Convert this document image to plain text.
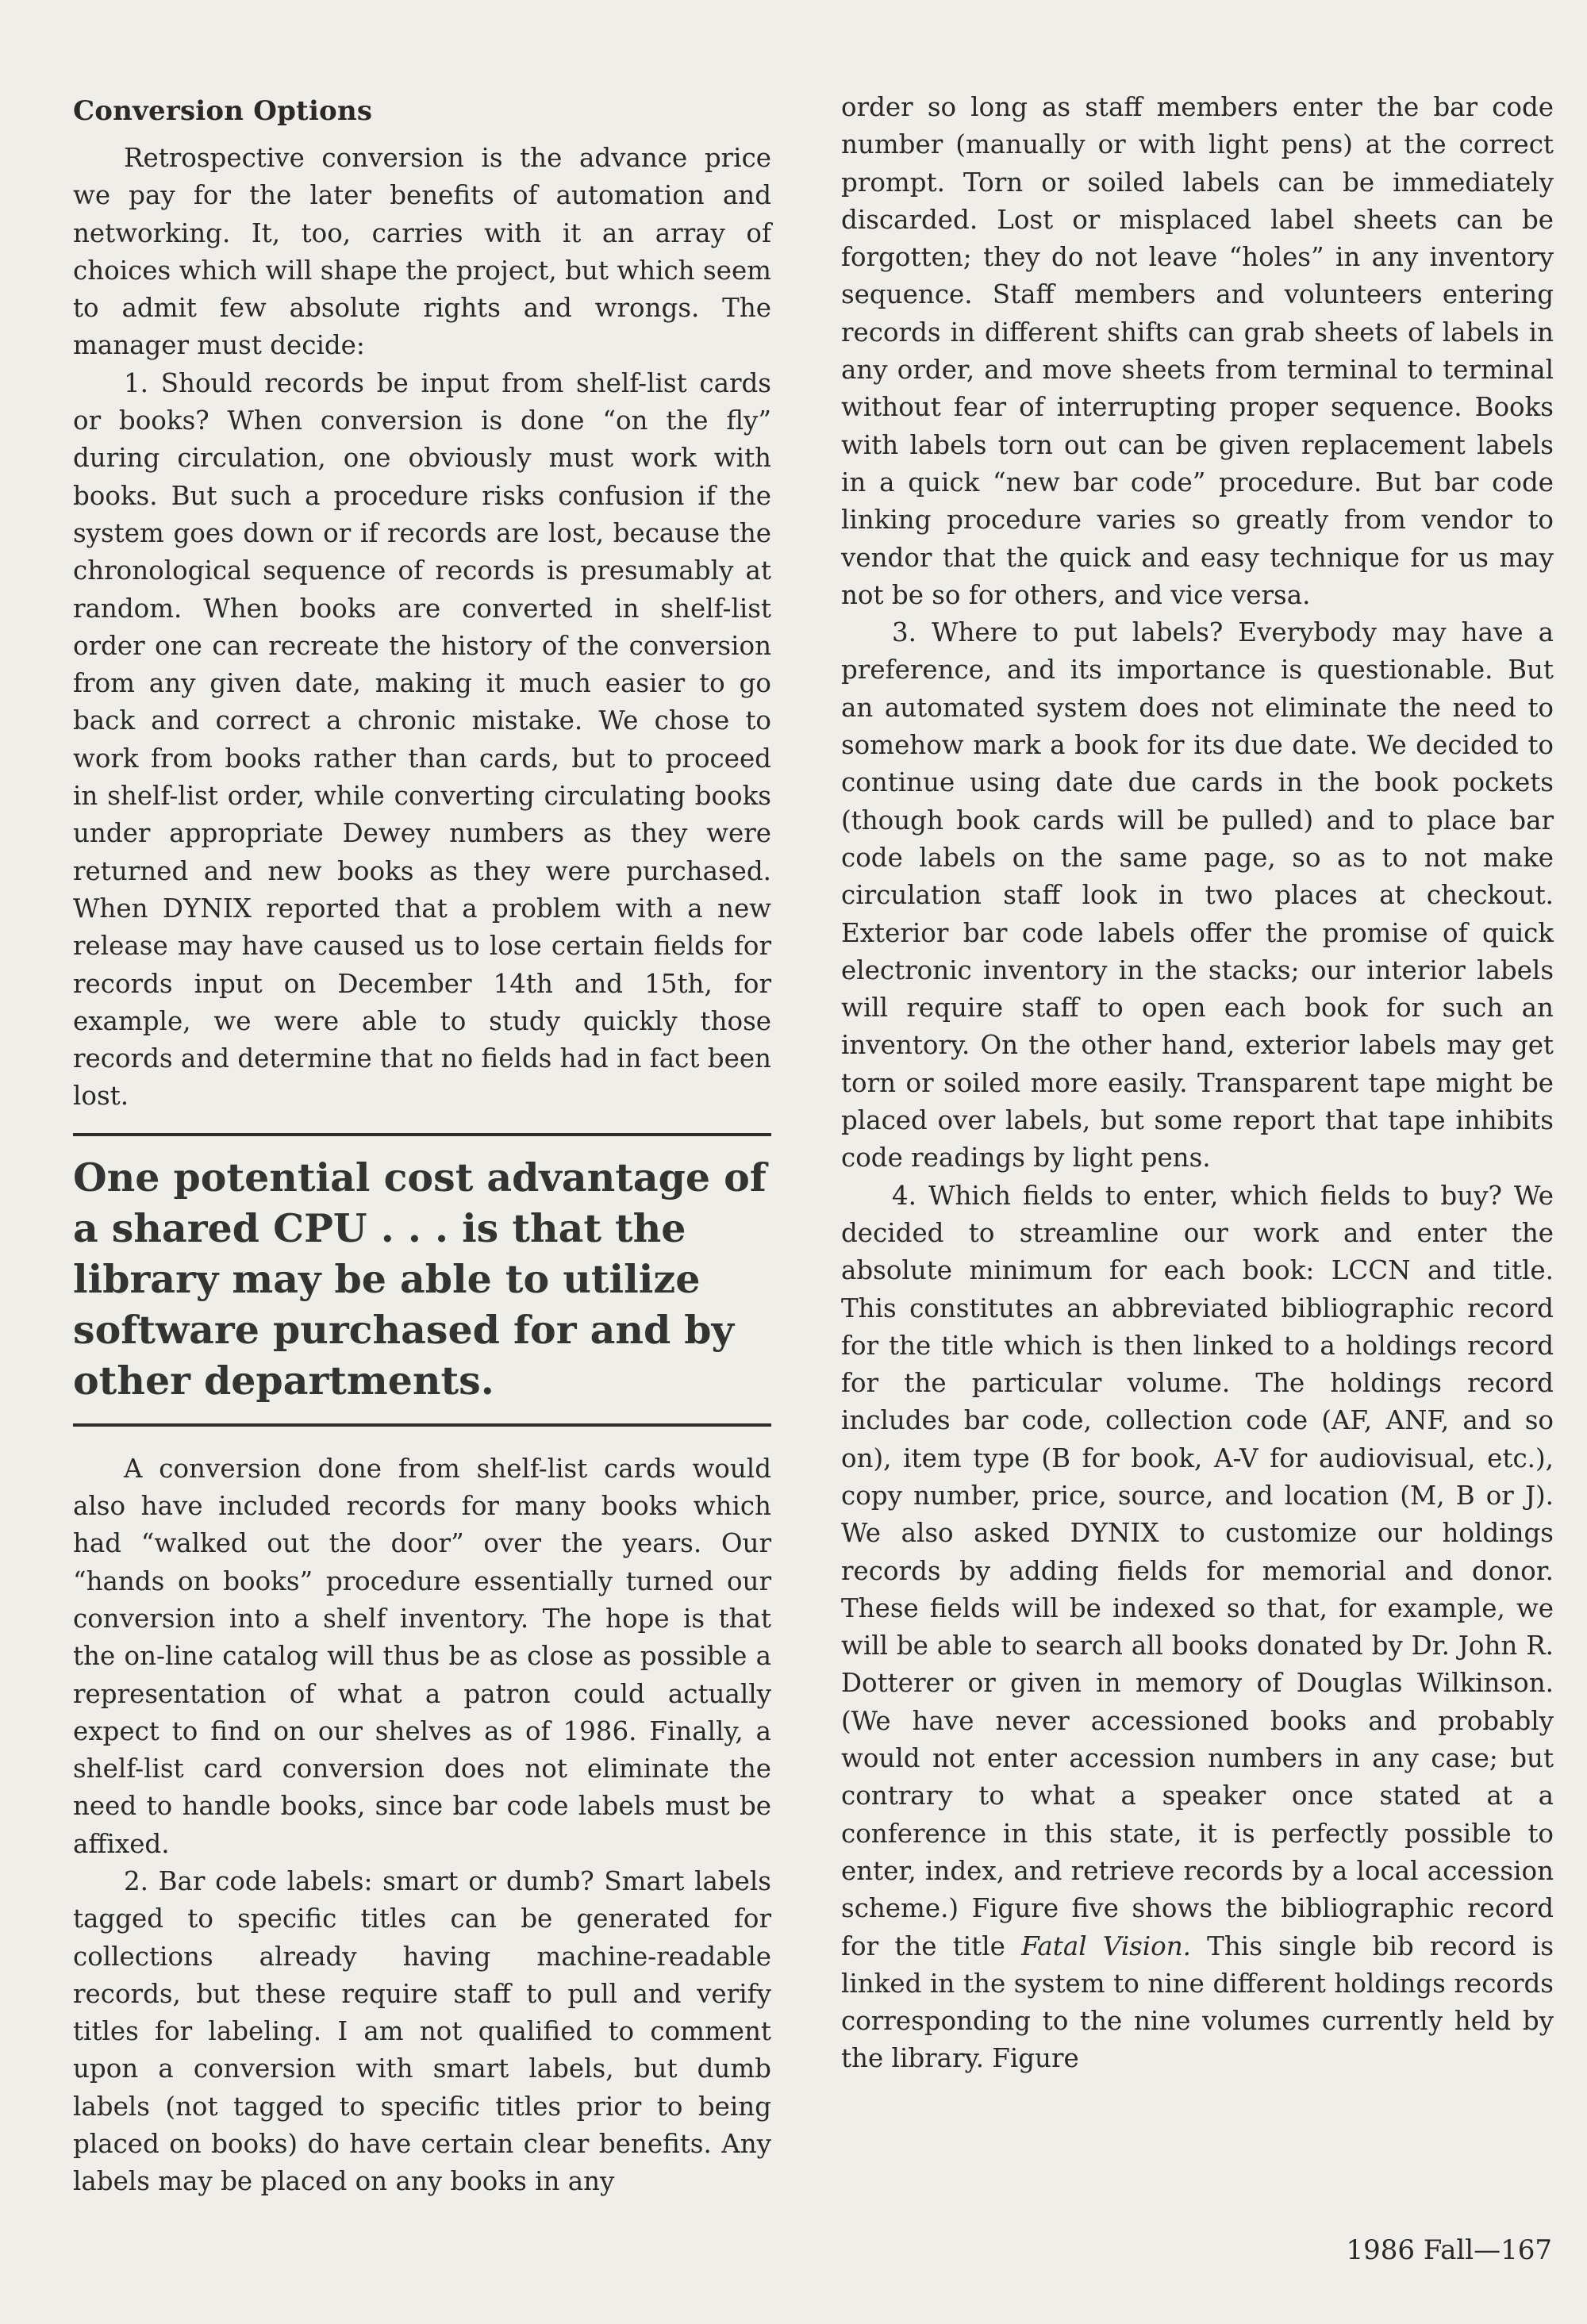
Conversion Options

Retrospective conversion is the advance price we pay for the later benefits of automation and networking. It, too, carries with it an array of choices which will shape the project, but which seem to admit few absolute rights and wrongs. The manager must decide:

1. Should records be input from shelf-list cards or books? When conversion is done “on the fly” during circulation, one obviously must work with books. But such a procedure risks confusion if the system goes down or if records are lost, because the chronological sequence of records is presumably at random. When books are converted in shelf-list order one can recreate the history of the conversion from any given date, making it much easier to go back and correct a chronic mistake. We chose to work from books rather than cards, but to proceed in shelf-list order, while converting circulating books under appropriate Dewey numbers as they were returned and new books as they were purchased. When DYNIX reported that a problem with a new release may have caused us to lose certain fields for records input on December 14th and 15th, for example, we were able to study quickly those records and determine that no fields had in fact been lost.

One potential cost advantage of a shared CPU . . . is that the library may be able to utilize software purchased for and by other departments.

A conversion done from shelf-list cards would also have included records for many books which had “walked out the door” over the years. Our “hands on books” procedure essentially turned our conversion into a shelf inventory. The hope is that the on-line catalog will thus be as close as possible a representation of what a patron could actually expect to find on our shelves as of 1986. Finally, a shelf-list card conversion does not eliminate the need to handle books, since bar code labels must be affixed.

2. Bar code labels: smart or dumb? Smart labels tagged to specific titles can be generated for collections already having machine-readable records, but these require staff to pull and verify titles for labeling. I am not qualified to comment upon a conversion with smart labels, but dumb labels (not tagged to specific titles prior to being placed on books) do have certain clear benefits. Any labels may be placed on any books in any

order so long as staff members enter the bar code number (manually or with light pens) at the correct prompt. Torn or soiled labels can be immediately discarded. Lost or misplaced label sheets can be forgotten; they do not leave “holes” in any inventory sequence. Staff members and volunteers entering records in different shifts can grab sheets of labels in any order, and move sheets from terminal to terminal without fear of interrupting proper sequence. Books with labels torn out can be given replacement labels in a quick “new bar code” procedure. But bar code linking procedure varies so greatly from vendor to vendor that the quick and easy technique for us may not be so for others, and vice versa.

3. Where to put labels? Everybody may have a preference, and its importance is questionable. But an automated system does not eliminate the need to somehow mark a book for its due date. We decided to continue using date due cards in the book pockets (though book cards will be pulled) and to place bar code labels on the same page, so as to not make circulation staff look in two places at checkout. Exterior bar code labels offer the promise of quick electronic inventory in the stacks; our interior labels will require staff to open each book for such an inventory. On the other hand, exterior labels may get torn or soiled more easily. Transparent tape might be placed over labels, but some report that tape inhibits code readings by light pens.

4. Which fields to enter, which fields to buy? We decided to streamline our work and enter the absolute minimum for each book: LCCN and title. This constitutes an abbreviated bibliographic record for the title which is then linked to a holdings record for the particular volume. The holdings record includes bar code, collection code (AF, ANF, and so on), item type (B for book, A-V for audiovisual, etc.), copy number, price, source, and location (M, B or J). We also asked DYNIX to customize our holdings records by adding fields for memorial and donor. These fields will be indexed so that, for example, we will be able to search all books donated by Dr. John R. Dotterer or given in memory of Douglas Wilkinson. (We have never accessioned books and probably would not enter accession numbers in any case; but contrary to what a speaker once stated at a conference in this state, it is perfectly possible to enter, index, and retrieve records by a local accession scheme.) Figure five shows the bibliographic record for the title Fatal Vision. This single bib record is linked in the system to nine different holdings records corresponding to the nine volumes currently held by the library. Figure

1986 Fall—167
